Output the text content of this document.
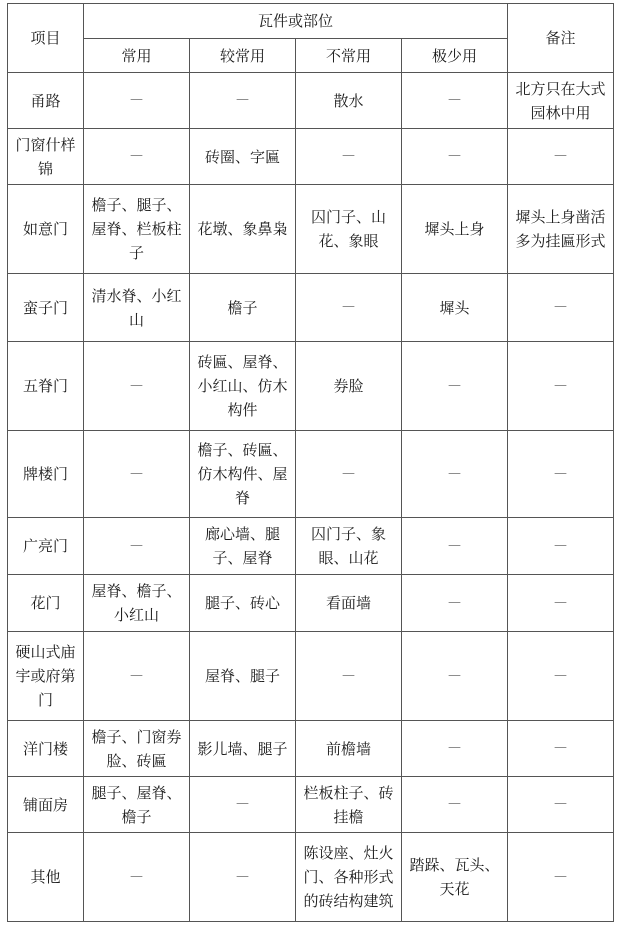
项目	瓦件或部位				备注
	常用	较常用	不常用	极少用	
甬路	—	—	散水	—	北方只在大式园林中用
门窗什样锦	—	砖圈、字匾	—	—	—
如意门	檐子、腿子、屋脊、栏板柱子	花墩、象鼻枭	囚门子、山花、象眼	墀头上身	墀头上身凿活多为挂匾形式
蛮子门	清水脊、小红山	檐子	—	墀头	—
五脊门	—	砖匾、屋脊、小红山、仿木构件	券脸	—	—
牌楼门	—	檐子、砖匾、仿木构件、屋脊	—	—	—
广亮门	—	廊心墙、腿子、屋脊	囚门子、象眼、山花	—	—
花门	屋脊、檐子、小红山	腿子、砖心	看面墙	—	—
硬山式庙宇或府第门	—	屋脊、腿子	—	—	—
洋门楼	檐子、门窗券脸、砖匾	影儿墙、腿子	前檐墙	—	—
铺面房	腿子、屋脊、檐子	—	栏板柱子、砖挂檐	—	—
其他	—	—	陈设座、灶火门、各种形式的砖结构建筑	踏跺、瓦头、天花	—
